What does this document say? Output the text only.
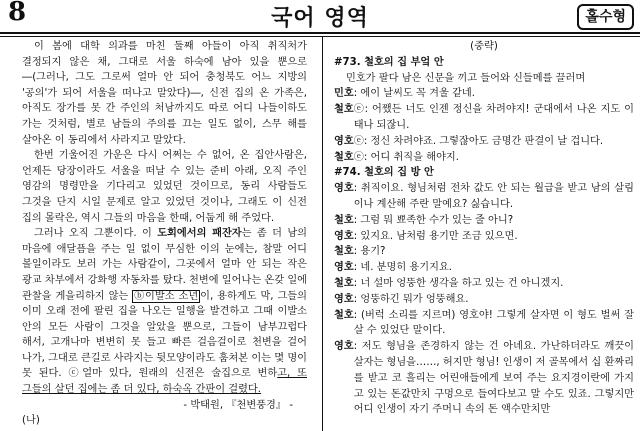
8	국어 영역	홀수형

이 봄에 대학 의과를 마친 둘째 아들이 아직 취직처가 결정되지 않은 채, 그대로 서울 하숙에 남아 있을 뿐으로―(그러나, 그도 그로써 얼마 안 되어 충청북도 어느 지방의 '공의'가 되어 서울을 떠나고 말았다)―, 신전 집의 온 가족은, 아직도 장가를 못 간 주인의 처남까지도 따로 어디 나들이하도 가는 것처럼, 별로 남들의 주의를 끄는 일도 없이, 스무 해를 살아온 이 동리에서 사라지고 말았다.

한번 기울어진 가운은 다시 어쩌는 수 없어, 온 집안사람은, 언제든 당장이라도 서울을 떠날 수 있는 준비 아래, 오직 주인 영감의 명령만을 기다리고 있었던 것이므로, 동리 사람들도 그것을 단지 시일 문제로 알고 있었던 것이나, 그래도 이 신전 집의 몰락은, 역시 그들의 마음을 한때, 어둡게 해 주었다.

그러나 오직 그뿐이다. 이 도회에서의 패잔자는 좀 더 남의 마음에 애달픔을 주는 일 없이 무심한 이의 눈에는, 참말 어디 볼일이라도 보러 가는 사람같이, 그곳에서 얼마 안 되는 작은 광교 차부에서 강화행 자동차를 탔다. 천변에 일어나는 온갖 일에 관찰을 게을리하지 않는 ⓑ이발소 소년 이, 용하게도 막, 그들의 이미 오래 전에 팔린 집을 나오는 일행을 발견하고 그때 이발소 안의 모든 사람이 그것을 알았을 뿐으로, 그들이 남부끄럽다 해서, 고개나마 변변히 못 들고 빠른 걸음걸이로 천변을 걸어 나가, 그대로 큰길로 사라지는 뒷모양이라도 훔쳐본 이는 몇 명이 못 된다. ⓒ얼마 있다, 원래의 신전은 술집으로 변하고, 또 그들의 살던 집에는 좀 더 있다, 하숙옥 간판이 걸렸다.

- 박태원, 『천변풍경』 -

(나)

(중략)

#73. 철호의 집 부엌 안

민호가 팔다 남은 신문을 끼고 들어와 신들메를 끌러며

민호 : 에이 날씨도 꼭 겨울 같네.
철호 ⓔ: 어쨌든 너도 인젠 정신을 차려야지! 군대에서 나온 지도 이태나 되잖니.
영호 ⓔ: 정신 차려야죠. 그렇잖아도 금명간 판결이 날 겁니다.
철호 ⓔ: 어디 취직을 해야지.

#74. 철호의 집 방 안

영호 : 취직이요. 형님처럼 전차 값도 안 되는 월급을 받고 남의 살림이나 계산해 주란 말예요? 싫습니다.
철호 : 그럼 뭐 뾰족한 수가 있는 줄 아니?
영호 : 있지요. 남처럼 용기만 조금 있으면.
철호 : 용기?
영호 : 네. 분명히 용기지요.
철호 : 너 설마 엉뚱한 생각을 하고 있는 건 아니겠지.
영호 : 엉뚱하긴 뭐가 엉뚱해요.
철호 : (버럭 소리를 지르며) 영호야! 그렇게 살자면 이 형도 벌써 잘살 수 있었단 말이다.
영호 : 저도 형님을 존경하지 않는 건 아녜요. 가난하더라도 깨끗이 살자는 형님을……, 허지만 형님! 인생이 저 골목에서 십 환짜리를 받고 코 흘리는 어린애들에게 보여 주는 요지경이란에 가지고 있는 돈값만치 구멍으로 들여다보고 말 수도 있죠. 그렇지만 어디 인생이 자기 주머니 속의 돈 액수만치만
